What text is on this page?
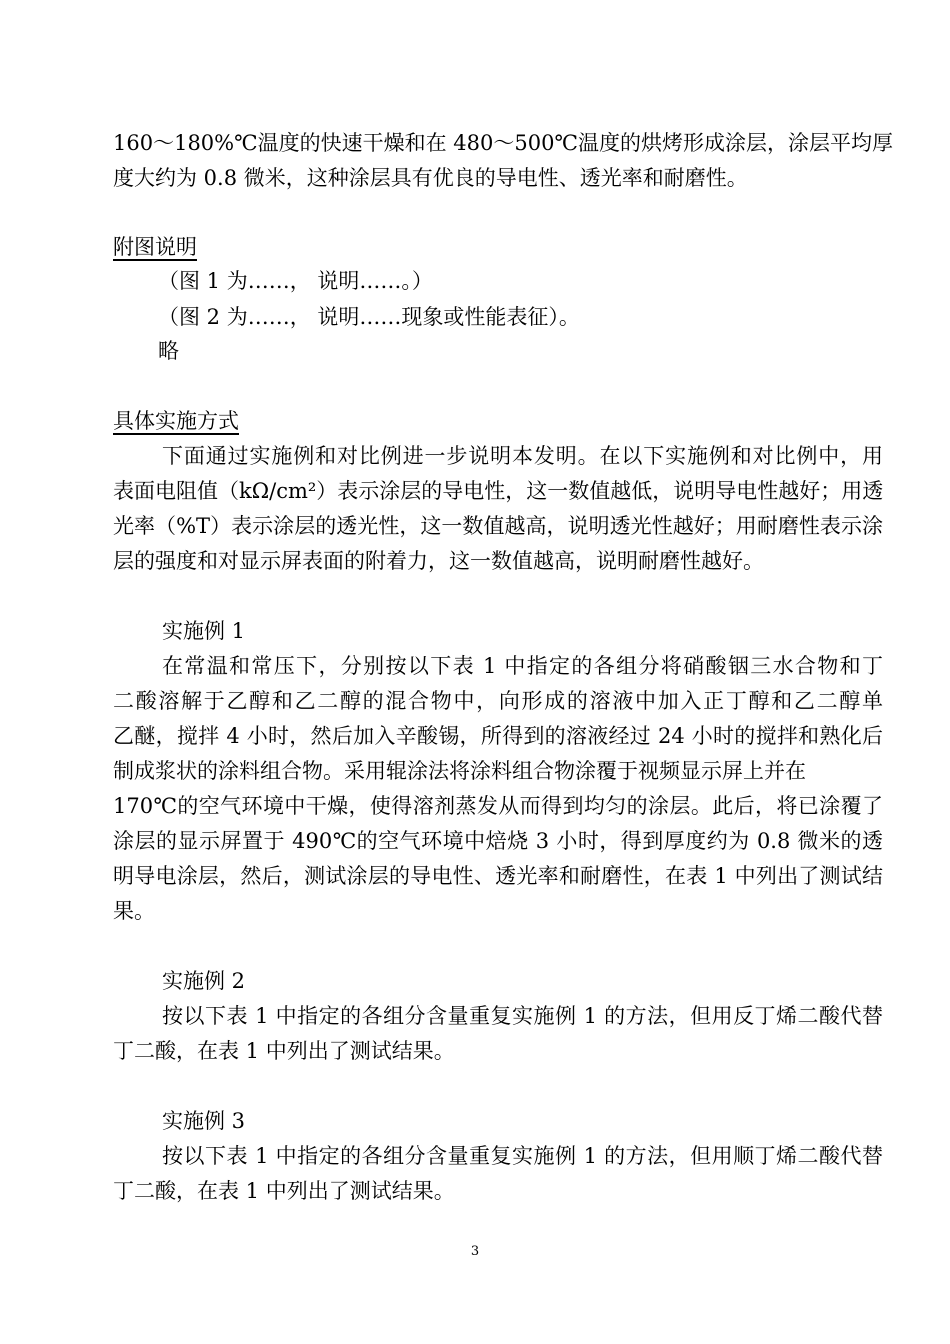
160～180%℃温度的快速干燥和在 480～500℃温度的烘烤形成涂层，涂层平均厚
度大约为 0.8 微米，这种涂层具有优良的导电性、透光率和耐磨性。
附图说明
（图 1 为……， 说明……。）
（图 2 为……， 说明……现象或性能表征）。
略
具体实施方式
下面通过实施例和对比例进一步说明本发明。在以下实施例和对比例中，用
表面电阻值（kΩ/cm²）表示涂层的导电性，这一数值越低，说明导电性越好；用透
光率（%T）表示涂层的透光性，这一数值越高，说明透光性越好；用耐磨性表示涂
层的强度和对显示屏表面的附着力，这一数值越高，说明耐磨性越好。
实施例 1
在常温和常压下，分别按以下表 1 中指定的各组分将硝酸铟三水合物和丁
二酸溶解于乙醇和乙二醇的混合物中，向形成的溶液中加入正丁醇和乙二醇单
乙醚，搅拌 4 小时，然后加入辛酸锡，所得到的溶液经过 24 小时的搅拌和熟化后
制成浆状的涂料组合物。采用辊涂法将涂料组合物涂覆于视频显示屏上并在
170℃的空气环境中干燥，使得溶剂蒸发从而得到均匀的涂层。此后，将已涂覆了
涂层的显示屏置于 490℃的空气环境中焙烧 3 小时，得到厚度约为 0.8 微米的透
明导电涂层，然后，测试涂层的导电性、透光率和耐磨性，在表 1 中列出了测试结
果。
实施例 2
按以下表 1 中指定的各组分含量重复实施例 1 的方法，但用反丁烯二酸代替
丁二酸，在表 1 中列出了测试结果。
实施例 3
按以下表 1 中指定的各组分含量重复实施例 1 的方法，但用顺丁烯二酸代替
丁二酸，在表 1 中列出了测试结果。
3
